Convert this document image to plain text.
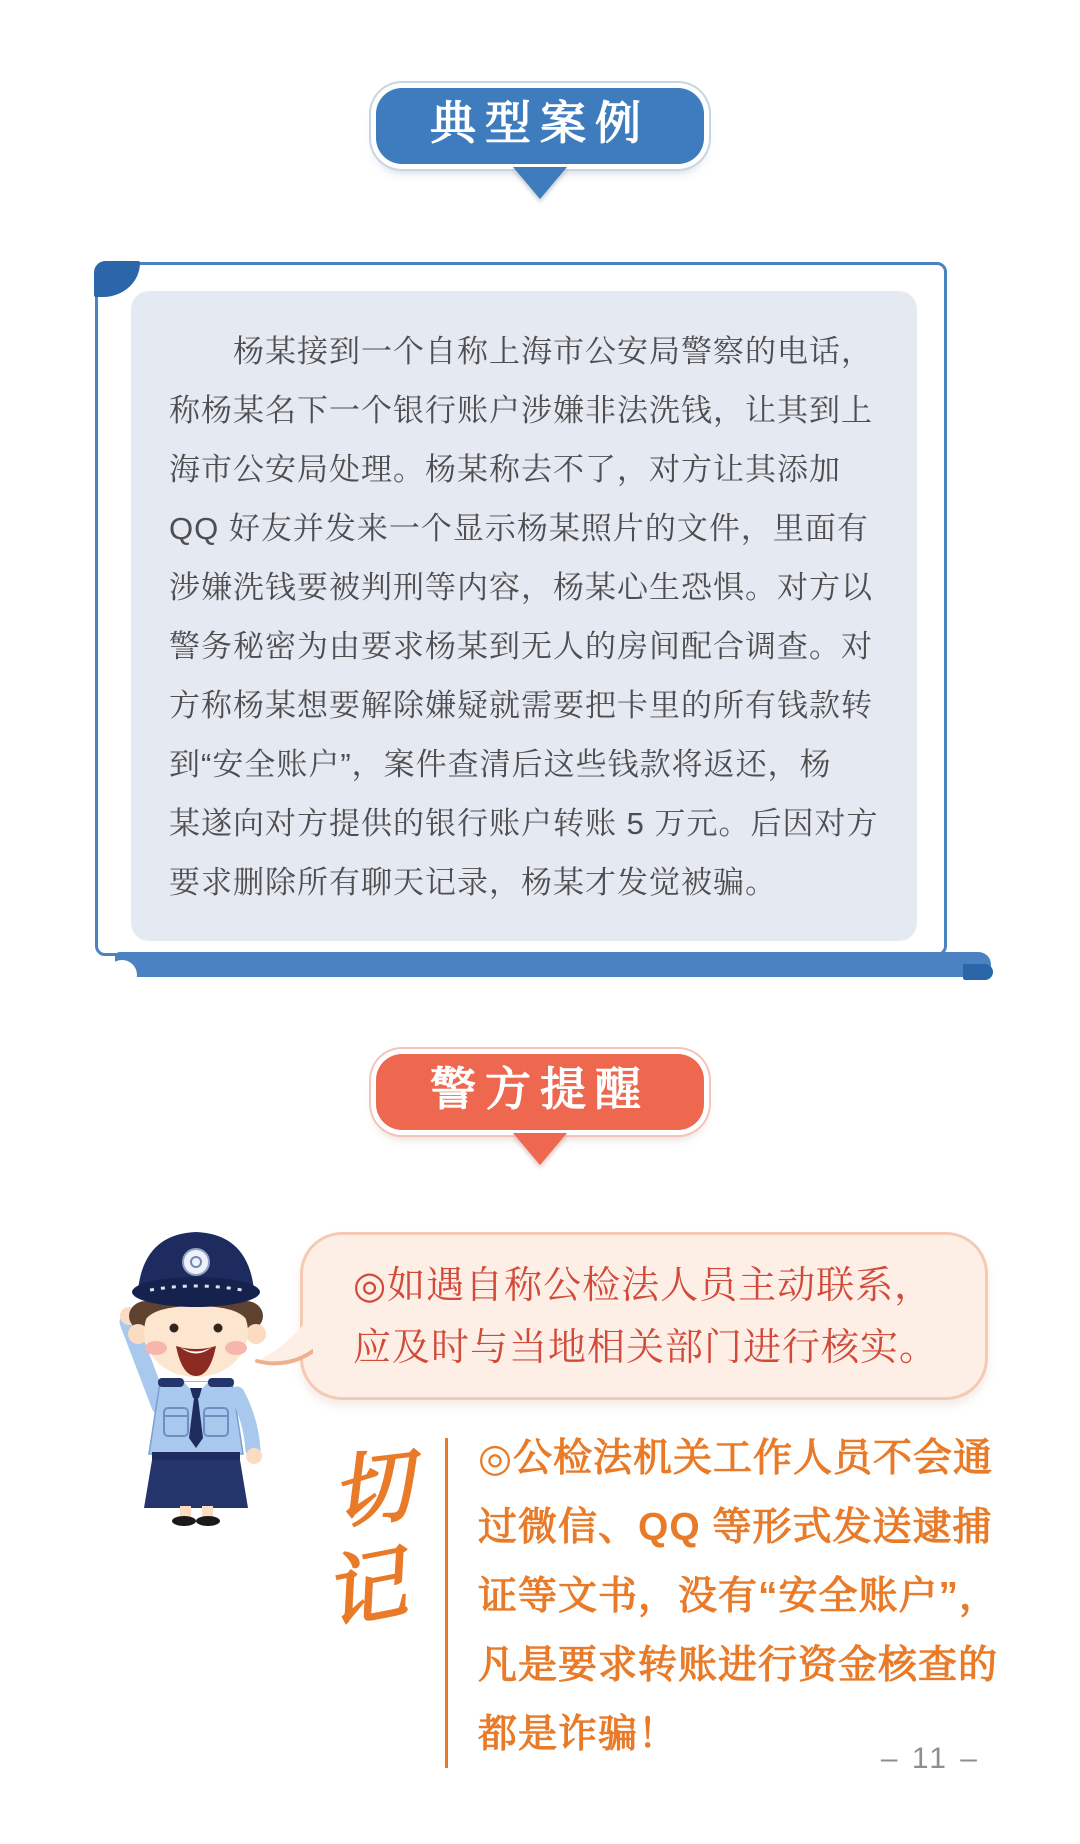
典型案例
　　杨某接到一个自称上海市公安局警察的电话，
称杨某名下一个银行账户涉嫌非法洗钱，让其到上
海市公安局处理。杨某称去不了，对方让其添加
QQ 好友并发来一个显示杨某照片的文件，里面有
涉嫌洗钱要被判刑等内容，杨某心生恐惧。对方以
警务秘密为由要求杨某到无人的房间配合调查。对
方称杨某想要解除嫌疑就需要把卡里的所有钱款转
到“安全账户”，案件查清后这些钱款将返还，杨
某遂向对方提供的银行账户转账 5 万元。后因对方
要求删除所有聊天记录，杨某才发觉被骗。
警方提醒
◎如遇自称公检法人员主动联系，
应及时与当地相关部门进行核实。
切
记
◎公检法机关工作人员不会通
过微信、QQ 等形式发送逮捕
证等文书，没有“安全账户”，
凡是要求转账进行资金核查的
都是诈骗！
– 11 –
